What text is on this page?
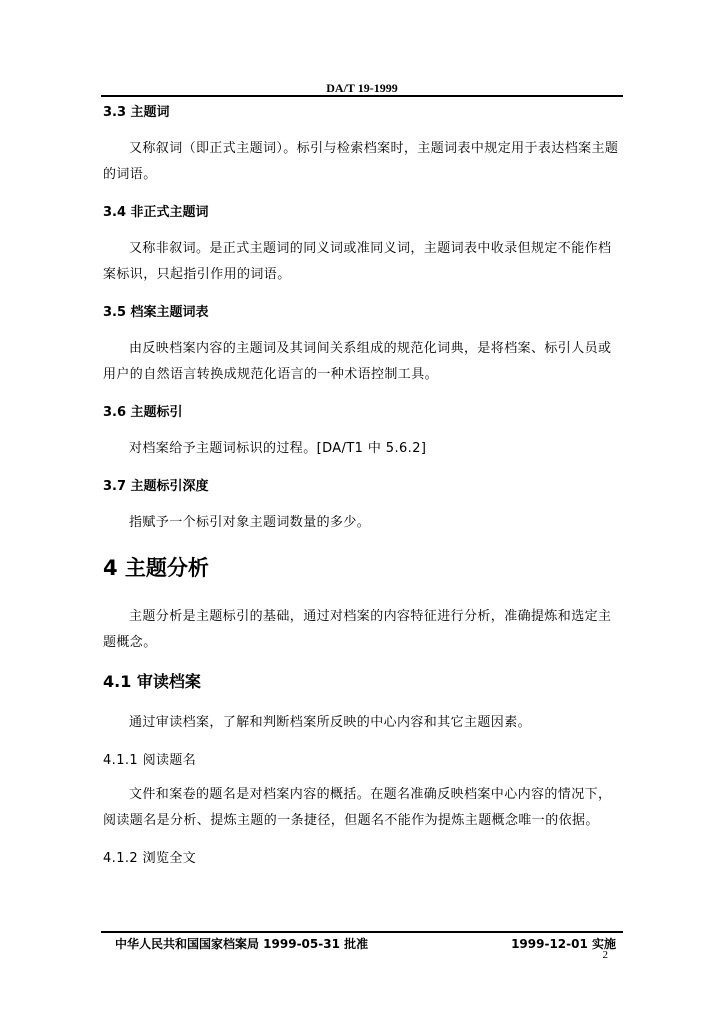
DA/T 19-1999
3.3 主题词
又称叙词（即正式主题词）。标引与检索档案时，主题词表中规定用于表达档案主题的词语。
3.4 非正式主题词
又称非叙词。是正式主题词的同义词或准同义词，主题词表中收录但规定不能作档案标识，只起指引作用的词语。
3.5 档案主题词表
由反映档案内容的主题词及其词间关系组成的规范化词典，是将档案、标引人员或用户的自然语言转换成规范化语言的一种术语控制工具。
3.6 主题标引
对档案给予主题词标识的过程。[DA/T1 中 5.6.2]
3.7 主题标引深度
指赋予一个标引对象主题词数量的多少。
4 主题分析
主题分析是主题标引的基础，通过对档案的内容特征进行分析，准确提炼和选定主题概念。
4.1 审读档案
通过审读档案，了解和判断档案所反映的中心内容和其它主题因素。
4.1.1 阅读题名
文件和案卷的题名是对档案内容的概括。在题名准确反映档案中心内容的情况下，阅读题名是分析、提炼主题的一条捷径，但题名不能作为提炼主题概念唯一的依据。
4.1.2 浏览全文
中华人民共和国国家档案局 1999-05-31 批准	1999-12-01 实施
2
